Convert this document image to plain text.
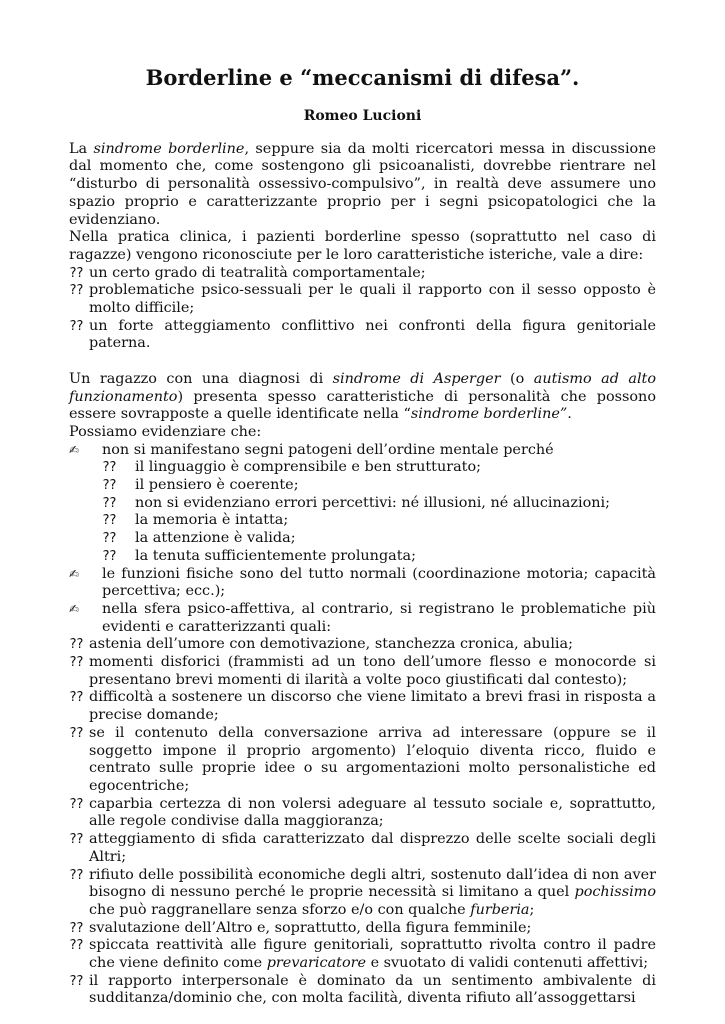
Borderline e “meccanismi di difesa”.
Romeo Lucioni

La sindrome borderline, seppure sia da molti ricercatori messa in discussione dal momento che, come sostengono gli psicoanalisti, dovrebbe rientrare nel “disturbo di personalità ossessivo-compulsivo”, in realtà deve assumere uno spazio proprio e caratterizzante proprio per i segni psicopatologici che la evidenziano.

Nella pratica clinica, i pazienti borderline spesso (soprattutto nel caso di ragazze) vengono riconosciute per le loro caratteristiche isteriche, vale a dire:

?? un certo grado di teatralità comportamentale;
?? problematiche psico-sessuali per le quali il rapporto con il sesso opposto è molto difficile;
?? un forte atteggiamento conflittivo nei confronti della figura genitoriale paterna.

Un ragazzo con una diagnosi di sindrome di Asperger (o autismo ad alto funzionamento) presenta spesso caratteristiche di personalità che possono essere sovrapposte a quelle identificate nella “sindrome borderline”.

Possiamo evidenziare che:

✍	non si manifestano segni patogeni dell’ordine mentale perché
??	il linguaggio è comprensibile e ben strutturato;
??	il pensiero è coerente;
??	non si evidenziano errori percettivi: né illusioni, né allucinazioni;
??	la memoria è intatta;
??	la attenzione è valida;
??	la tenuta sufficientemente prolungata;
✍	le funzioni fisiche sono del tutto normali (coordinazione motoria; capacità percettiva; ecc.);
✍	nella sfera psico-affettiva, al contrario, si registrano le problematiche più evidenti e caratterizzanti quali:
?? astenia dell’umore con demotivazione, stanchezza cronica, abulia;
?? momenti disforici (frammisti ad un tono dell’umore flesso e monocorde si presentano brevi momenti di ilarità a volte poco giustificati dal contesto);
?? difficoltà a sostenere un discorso che viene limitato a brevi frasi in risposta a precise domande;
?? se il contenuto della conversazione arriva ad interessare (oppure se il soggetto impone il proprio argomento) l’eloquio diventa ricco, fluido e centrato sulle proprie idee o su argomentazioni molto personalistiche ed egocentriche;
?? caparbia certezza di non volersi adeguare al tessuto sociale e, soprattutto, alle regole condivise dalla maggioranza;
?? atteggiamento di sfida caratterizzato dal disprezzo delle scelte sociali degli Altri;
?? rifiuto delle possibilità economiche degli altri, sostenuto dall’idea di non aver bisogno di nessuno perché le proprie necessità si limitano a quel pochissimo che può raggranellare senza sforzo e/o con qualche furberia;
?? svalutazione dell’Altro e, soprattutto, della figura femminile;
?? spiccata reattività alle figure genitoriali, soprattutto rivolta contro il padre che viene definito come prevaricatore e svuotato di validi contenuti affettivi;
?? il rapporto interpersonale è dominato da un sentimento ambivalente di sudditanza/dominio che, con molta facilità, diventa rifiuto all’assoggettarsi
